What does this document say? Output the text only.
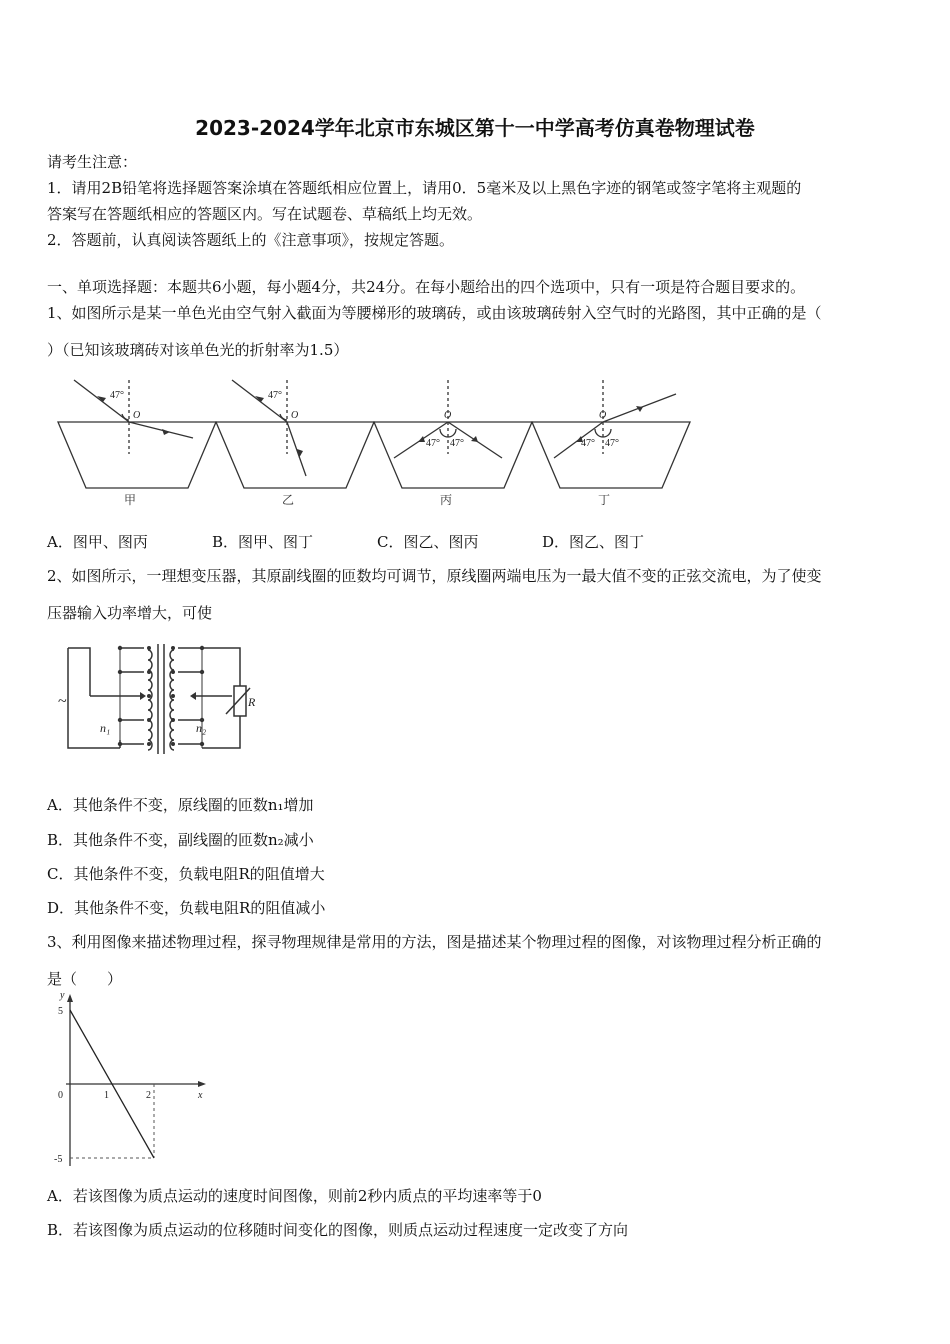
2023-2024学年北京市东城区第十一中学高考仿真卷物理试卷
请考生注意：
1．请用2B铅笔将选择题答案涂填在答题纸相应位置上，请用0．5毫米及以上黑色字迹的钢笔或签字笔将主观题的
答案写在答题纸相应的答题区内。写在试题卷、草稿纸上均无效。
2．答题前，认真阅读答题纸上的《注意事项》，按规定答题。
一、单项选择题：本题共6小题，每小题4分，共24分。在每小题给出的四个选项中，只有一项是符合题目要求的。
1、如图所示是某一单色光由空气射入截面为等腰梯形的玻璃砖，或由该玻璃砖射入空气时的光路图，其中正确的是（
）（已知该玻璃砖对该单色光的折射率为1.5）
47°
O
47°
O	O
47° 47°
O
47° 47°
甲	乙	丙	丁
A．图甲、图丙	B．图甲、图丁	C．图乙、图丙	D．图乙、图丁
2、如图所示，一理想变压器，其原副线圈的匝数均可调节，原线圈两端电压为一最大值不变的正弦交流电，为了使变
压器输入功率增大，可使
~
n₁	n₂
R
A．其他条件不变，原线圈的匝数n₁增加
B．其他条件不变，副线圈的匝数n₂减小
C．其他条件不变，负载电阻R的阻值增大
D．其他条件不变，负载电阻R的阻值减小
3、利用图像来描述物理过程，探寻物理规律是常用的方法，图是描述某个物理过程的图像，对该物理过程分析正确的
是（　　）
y
x
5
-5
0	1	2
A．若该图像为质点运动的速度时间图像，则前2秒内质点的平均速率等于0
B．若该图像为质点运动的位移随时间变化的图像，则质点运动过程速度一定改变了方向
